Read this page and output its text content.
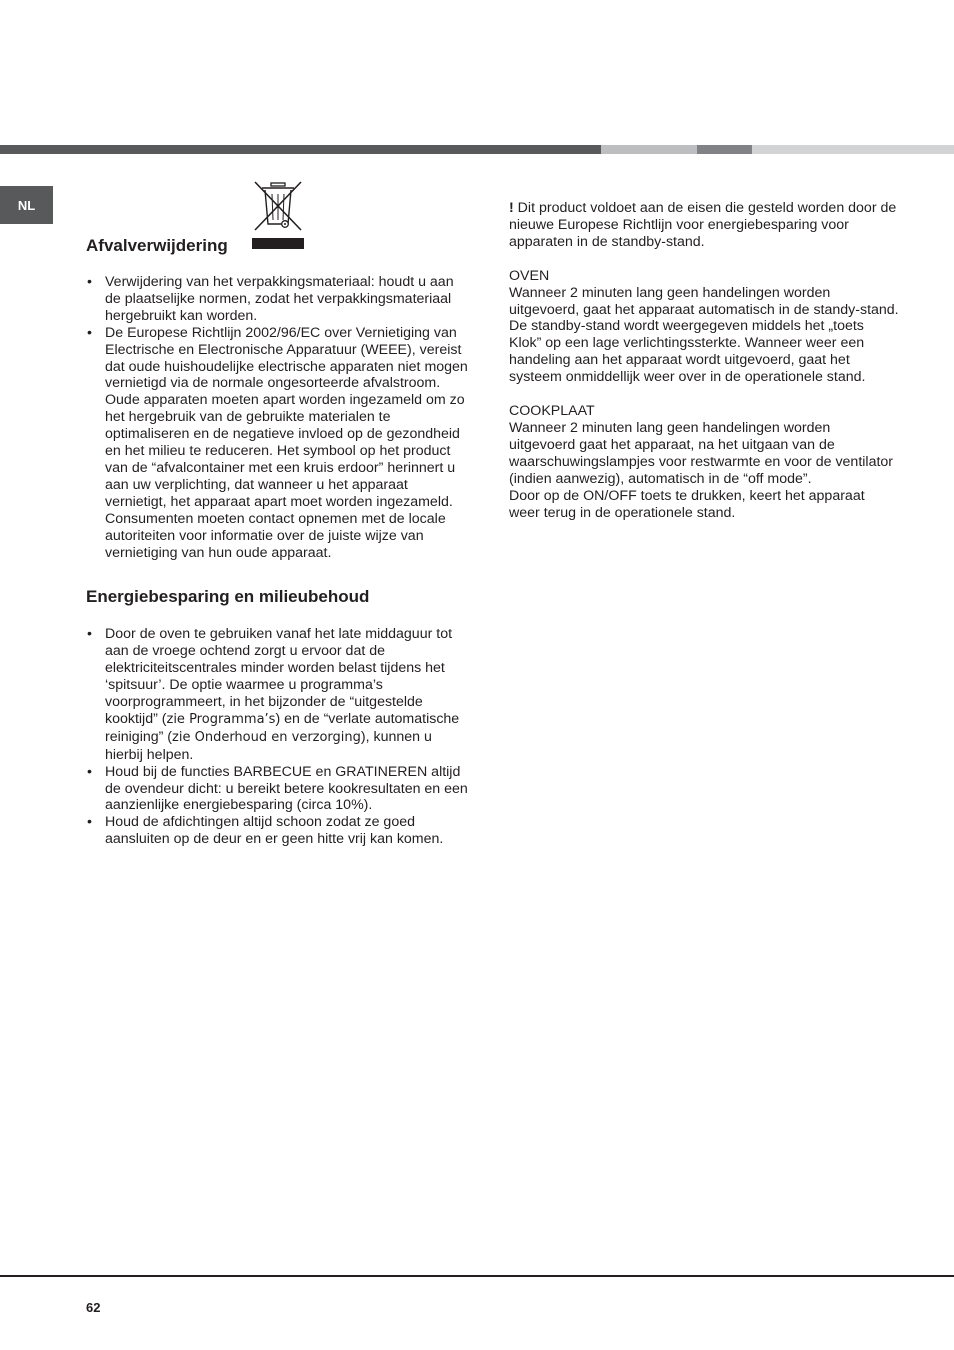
NL
Afvalverwijdering
• Verwijdering van het verpakkingsmateriaal: houdt u aan de plaatselijke normen, zodat het verpakkingsmateriaal hergebruikt kan worden.
• De Europese Richtlijn 2002/96/EC over Vernietiging van Electrische en Electronische Apparatuur (WEEE), vereist dat oude huishoudelijke electrische apparaten niet mogen vernietigd via de normale ongesorteerde afvalstroom. Oude apparaten moeten apart worden ingezameld om zo het hergebruik van de gebruikte materialen te optimaliseren en de negatieve invloed op de gezondheid en het milieu te reduceren. Het symbool op het product van de “afvalcontainer met een kruis erdoor” herinnert u aan uw verplichting, dat wanneer u het apparaat vernietigt, het apparaat apart moet worden ingezameld.

Consumenten moeten contact opnemen met de locale autoriteiten voor informatie over de juiste wijze van vernietiging van hun oude apparaat.

Energiebesparing en milieubehoud
• Door de oven te gebruiken vanaf het late middaguur tot aan de vroege ochtend zorgt u ervoor dat de elektriciteitscentrales minder worden belast tijdens het ‘spitsuur’. De optie waarmee u programma’s voorprogrammeert, in het bijzonder de “uitgestelde kooktijd” (zie Programma’s) en de “verlate automatische reiniging” (zie Onderhoud en verzorging), kunnen u hierbij helpen.
• Houd bij de functies BARBECUE en GRATINEREN altijd de ovendeur dicht: u bereikt betere kookresultaten en een aanzienlijke energiebesparing (circa 10%).
• Houd de afdichtingen altijd schoon zodat ze goed aansluiten op de deur en er geen hitte vrij kan komen.

! Dit product voldoet aan de eisen die gesteld worden door de nieuwe Europese Richtlijn voor energiebesparing voor apparaten in de standby-stand.

OVEN

Wanneer 2 minuten lang geen handelingen worden uitgevoerd, gaat het apparaat automatisch in de standy-stand. De standby-stand wordt weergegeven middels het „toets Klok” op een lage verlichtingssterkte. Wanneer weer een handeling aan het apparaat wordt uitgevoerd, gaat het systeem onmiddellijk weer over in de operationele stand.

COOKPLAAT

Wanneer 2 minuten lang geen handelingen worden uitgevoerd gaat het apparaat, na het uitgaan van de waarschuwingslampjes voor restwarmte en voor de ventilator (indien aanwezig), automatisch in de “off mode”.

Door op de ON/OFF toets te drukken, keert het apparaat weer terug in de operationele stand.

62
